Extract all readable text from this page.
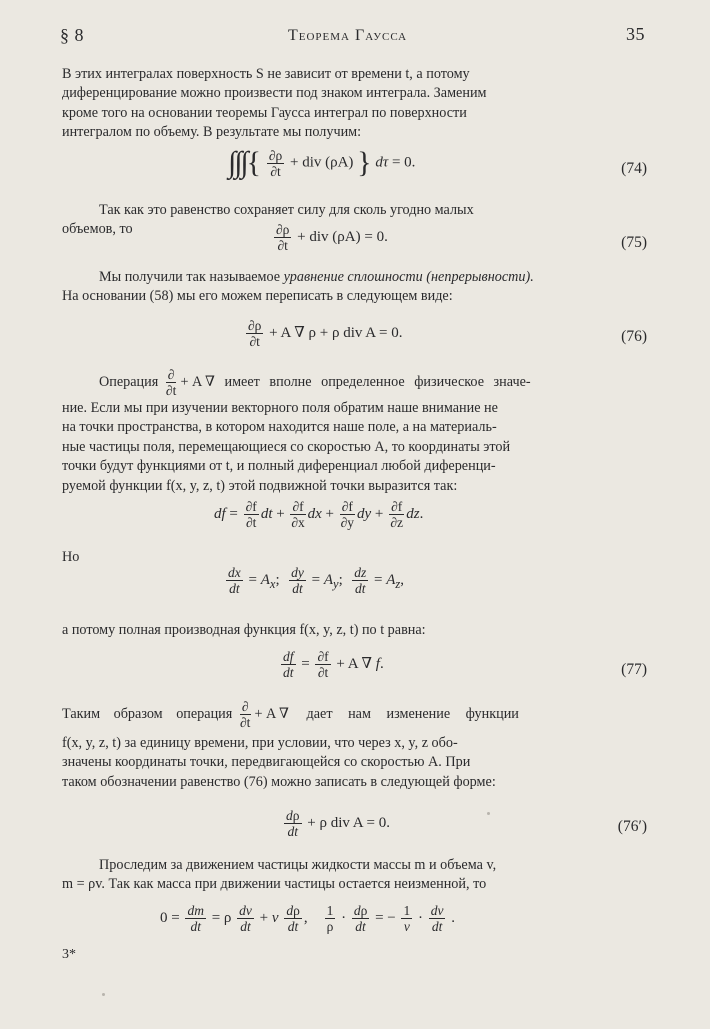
§ 8	Теорема Гаусса	35
В этих интегралах поверхность S не зависит от времени t, а потому
диференцирование можно произвести под знаком интеграла. Заменим
кроме того на основании теоремы Гаусса интеграл по поверхности
интегралом по объему. В результате мы получим:
∫∫∫{ $\frac{\partial\rho}{\partial t}$ + div (ρA) } dτ = 0.	(74)
Так как это равенство сохраняет силу для сколь угодно малых
объемов, то	$\frac{\partial\rho}{\partial t}$ + div (ρA) = 0.	(75)
Мы получили так называемое уравнение сплошности (непрерывности).
На основании (58) мы его можем переписать в следующем виде:
$\frac{\partial\rho}{\partial t} + A$ ∇ ρ + ρ div A = 0.	(76)
Операция $\frac{\partial}{\partial t} + A$ ∇ имеет вполне определенное физическое значе-
ние. Если мы при изучении векторного поля обратим наше внимание не
на точки пространства, в котором находится наше поле, а на материаль-
ные частицы поля, перемещающиеся со скоростью A, то координаты этой
точки будут функциями от t, и полный диференциал любой диференци-
руемой функции f(x, y, z, t) этой подвижной точки выразится так:
df = $\frac{\partial f}{\partial t}$ dt + $\frac{\partial f}{\partial x}$ dx + $\frac{\partial f}{\partial y}$ dy + $\frac{\partial f}{\partial z}$ dz.
Но
$\frac{dx}{dt} = A_x$; $\frac{dy}{dt} = A_y$; $\frac{dz}{dt} = A_z$,
а потому полная производная функция f(x, y, z, t) по t равна:
$\frac{df}{dt} = \frac{\partial f}{\partial t} + A$ ∇ f.	(77)
Таким образом операция $\frac{\partial}{\partial t} + A$ ∇ дает нам изменение функции
f(x, y, z, t) за единицу времени, при условии, что через x, y, z обо-
значены координаты точки, передвигающейся со скоростью A. При
таком обозначении равенство (76) можно записать в следующей форме:
$\frac{d\rho}{dt} + \rho$ div A = 0.	(76′)
Проследим за движением частицы жидкости массы m и объема v,
m = ρv. Так как масса при движении частицы остается неизменной, то
$0 = \frac{dm}{dt} = \rho \frac{dv}{dt} + v \frac{d\rho}{dt}$ , $\frac{1}{\rho} \cdot \frac{d\rho}{dt}$ = − $\frac{1}{v} \cdot \frac{dv}{dt}$ .
3*
